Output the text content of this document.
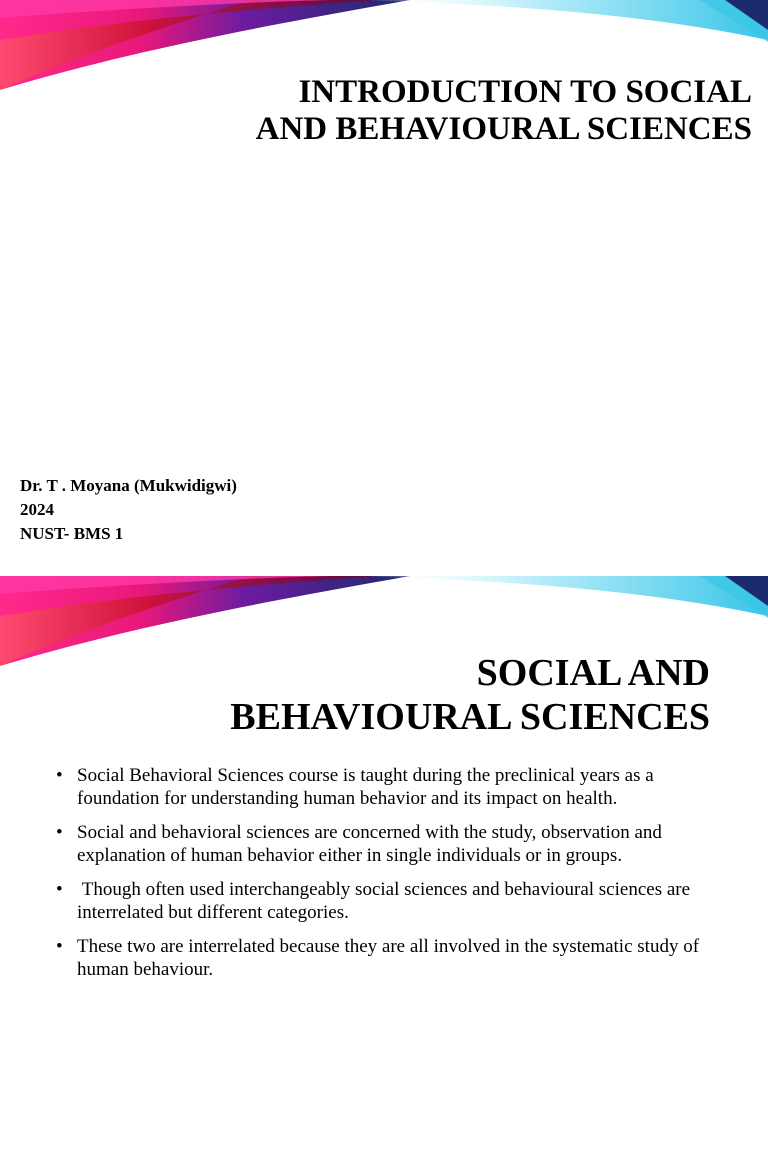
INTRODUCTION TO SOCIAL
AND BEHAVIOURAL SCIENCES
Dr. T . Moyana (Mukwidigwi)
2024
NUST- BMS 1
SOCIAL AND
BEHAVIOURAL SCIENCES
• Social Behavioral Sciences course is taught during the preclinical years as a foundation for understanding human behavior and its impact on health.
• Social and behavioral sciences are concerned with the study, observation and explanation of human behavior either in single individuals or in groups.
• Though often used interchangeably social sciences and behavioural sciences are interrelated but different categories.
• These two are interrelated because they are all involved in the systematic study of human behaviour.
